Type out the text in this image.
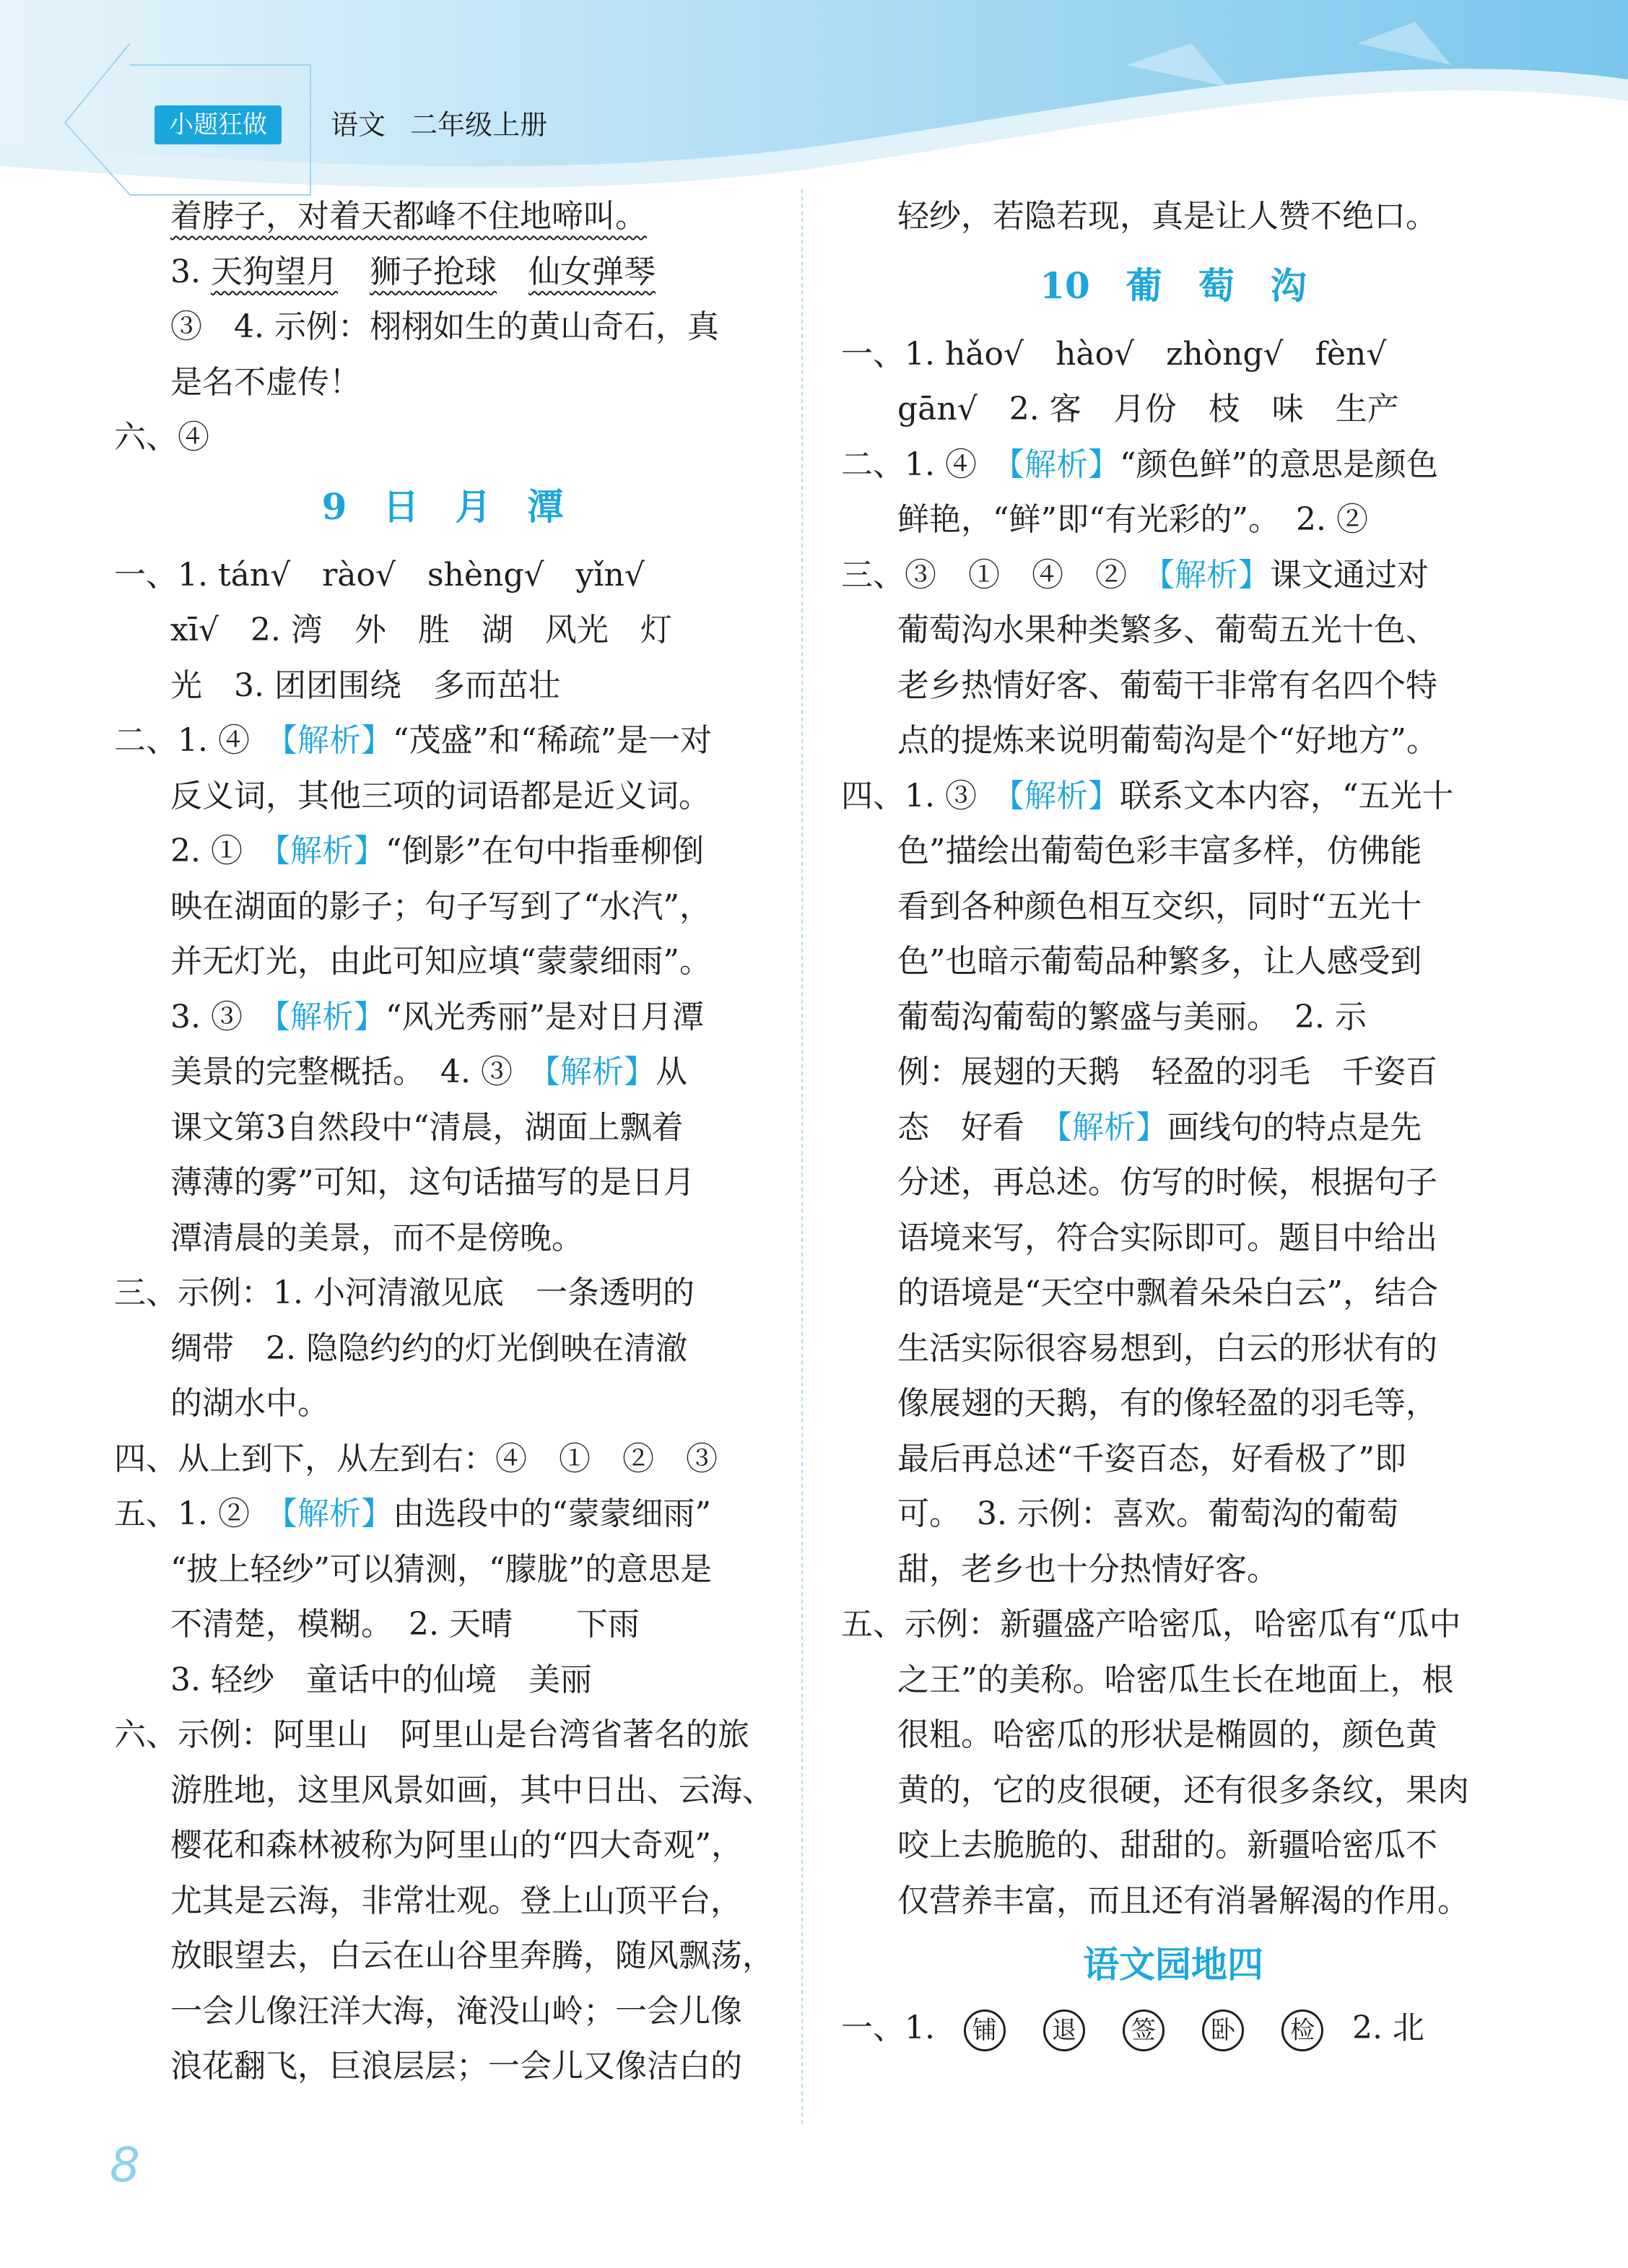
小题狂做	语文 二年级上册
着脖子，对着天都峰不住地啼叫。
3. 天狗望月　 狮子抢球　 仙女弹琴
③　4. 示例：栩栩如生的黄山奇石，真
是名不虚传！
六、④
9　日　月　潭
一、1. tán√　ràо√　shèng√　yǐn√
xī√　2. 湾　外　胜　湖　风光　灯
光　3. 团团围绕　多而茁壮
二、1. ④　【解析】“茂盛”和“稀疏”是一对
反义词，其他三项的词语都是近义词。
2. ①　【解析】“倒影”在句中指垂柳倒
映在湖面的影子；句子写到了“水汽”，
并无灯光，由此可知应填“蒙蒙细雨”。
3. ③　【解析】“风光秀丽”是对日月潭
美景的完整概括。　4. ③　【解析】从
课文第3自然段中“清晨，湖面上飘着
薄薄的雾”可知，这句话描写的是日月
潭清晨的美景，而不是傍晚。
三、示例：1. 小河清澈见底　一条透明的
绸带　2. 隐隐约约的灯光倒映在清澈
的湖水中。
四、从上到下，从左到右：④　①　②　③
五、1. ②　【解析】由选段中的“蒙蒙细雨”
“披上轻纱”可以猜测，“朦胧”的意思是
不清楚，模糊。　2. 天晴　　下雨
3. 轻纱　童话中的仙境　美丽
六、示例：阿里山　阿里山是台湾省著名的旅
游胜地，这里风景如画，其中日出、云海、
樱花和森林被称为阿里山的“四大奇观”，
尤其是云海，非常壮观。登上山顶平台，
放眼望去，白云在山谷里奔腾，随风飘荡，
一会儿像汪洋大海，淹没山岭；一会儿像
浪花翻飞，巨浪层层；一会儿又像洁白的
轻纱，若隐若现，真是让人赞不绝口。
10　葡　萄　沟
一、1. hǎo√　hào√　zhòng√　fèn√
gān√　2. 客　月份　枝　味　生产
二、1. ④　【解析】“颜色鲜”的意思是颜色
鲜艳，“鲜”即“有光彩的”。　2. ②
三、③　①　④　②　【解析】课文通过对
葡萄沟水果种类繁多、葡萄五光十色、
老乡热情好客、葡萄干非常有名四个特
点的提炼来说明葡萄沟是个“好地方”。
四、1. ③　【解析】联系文本内容，“五光十
色”描绘出葡萄色彩丰富多样，仿佛能
看到各种颜色相互交织，同时“五光十
色”也暗示葡萄品种繁多，让人感受到
葡萄沟葡萄的繁盛与美丽。　2. 示
例：展翅的天鹅　轻盈的羽毛　千姿百
态　好看　【解析】画线句的特点是先
分述，再总述。仿写的时候，根据句子
语境来写，符合实际即可。题目中给出
的语境是“天空中飘着朵朵白云”，结合
生活实际很容易想到，白云的形状有的
像展翅的天鹅，有的像轻盈的羽毛等，
最后再总述“千姿百态，好看极了”即
可。　3. 示例：喜欢。葡萄沟的葡萄
甜，老乡也十分热情好客。
五、示例：新疆盛产哈密瓜，哈密瓜有“瓜中
之王”的美称。哈密瓜生长在地面上，根
很粗。哈密瓜的形状是椭圆的，颜色黄
黄的，它的皮很硬，还有很多条纹，果肉
咬上去脆脆的、甜甜的。新疆哈密瓜不
仅营养丰富，而且还有消暑解渴的作用。
语文园地四
一、1. 铺 退 签 卧 检 2. 北
8
